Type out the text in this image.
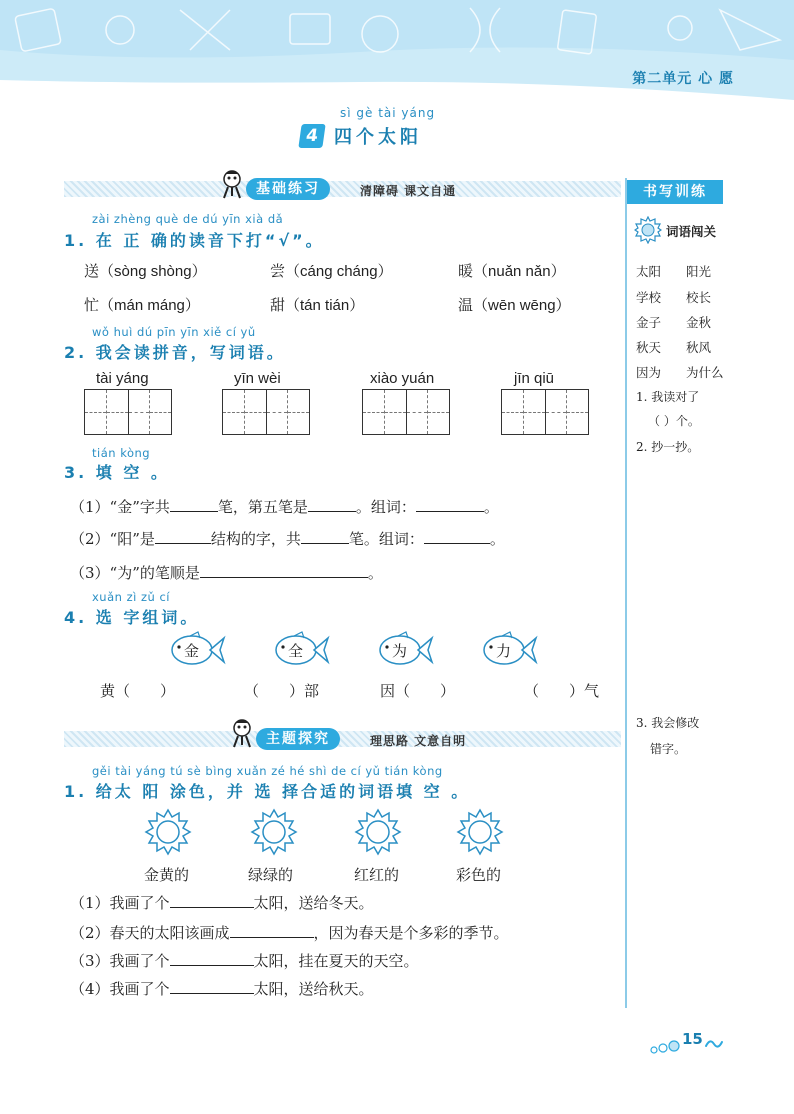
第二单元 心 愿
sì gè tài yáng
4 四个太阳
基础练习	清障碍 课文自通
zài zhèng què de dú yīn xià dǎ
1. 在 正 确的读音下打“√”。
送（sòng shòng）	尝（cáng cháng）	暖（nuǎn nǎn）
忙（mán máng）	甜（tán tián）	温（wēn wēng）
wǒ huì dú pīn yīn xiě cí yǔ
2. 我会读拼音，写词语。
tài yáng	yīn wèi	xiào yuán	jīn qiū
tián kòng
3. 填 空 。
（1）“金”字共	笔，第五笔是	。组词：	。
（2）“阳”是	结构的字，共	笔。组词：	。
（3）“为”的笔顺是	。
xuǎn zì zǔ cí
4. 选 字组词。
金	全	为	力
黄（　　）	（　　）部	因（　　）	（　　）气
主题探究	理思路 文意自明
gěi tài yáng tú sè bìng xuǎn zé hé shì de cí yǔ tián kòng
1. 给太 阳 涂色，并 选 择合适的词语填 空 。
金黄的	绿绿的	红红的	彩色的
（1）我画了个	太阳，送给冬天。
（2）春天的太阳该画成	，因为春天是个多彩的季节。
（3）我画了个	太阳，挂在夏天的天空。
（4）我画了个	太阳，送给秋天。
书写训练
词语闯关
太阳 阳光
学校 校长
金子 金秋
秋天 秋风
因为 为什么
1. 我读对了
（ ）个。
2. 抄一抄。
3. 我会修改
错字。
15
